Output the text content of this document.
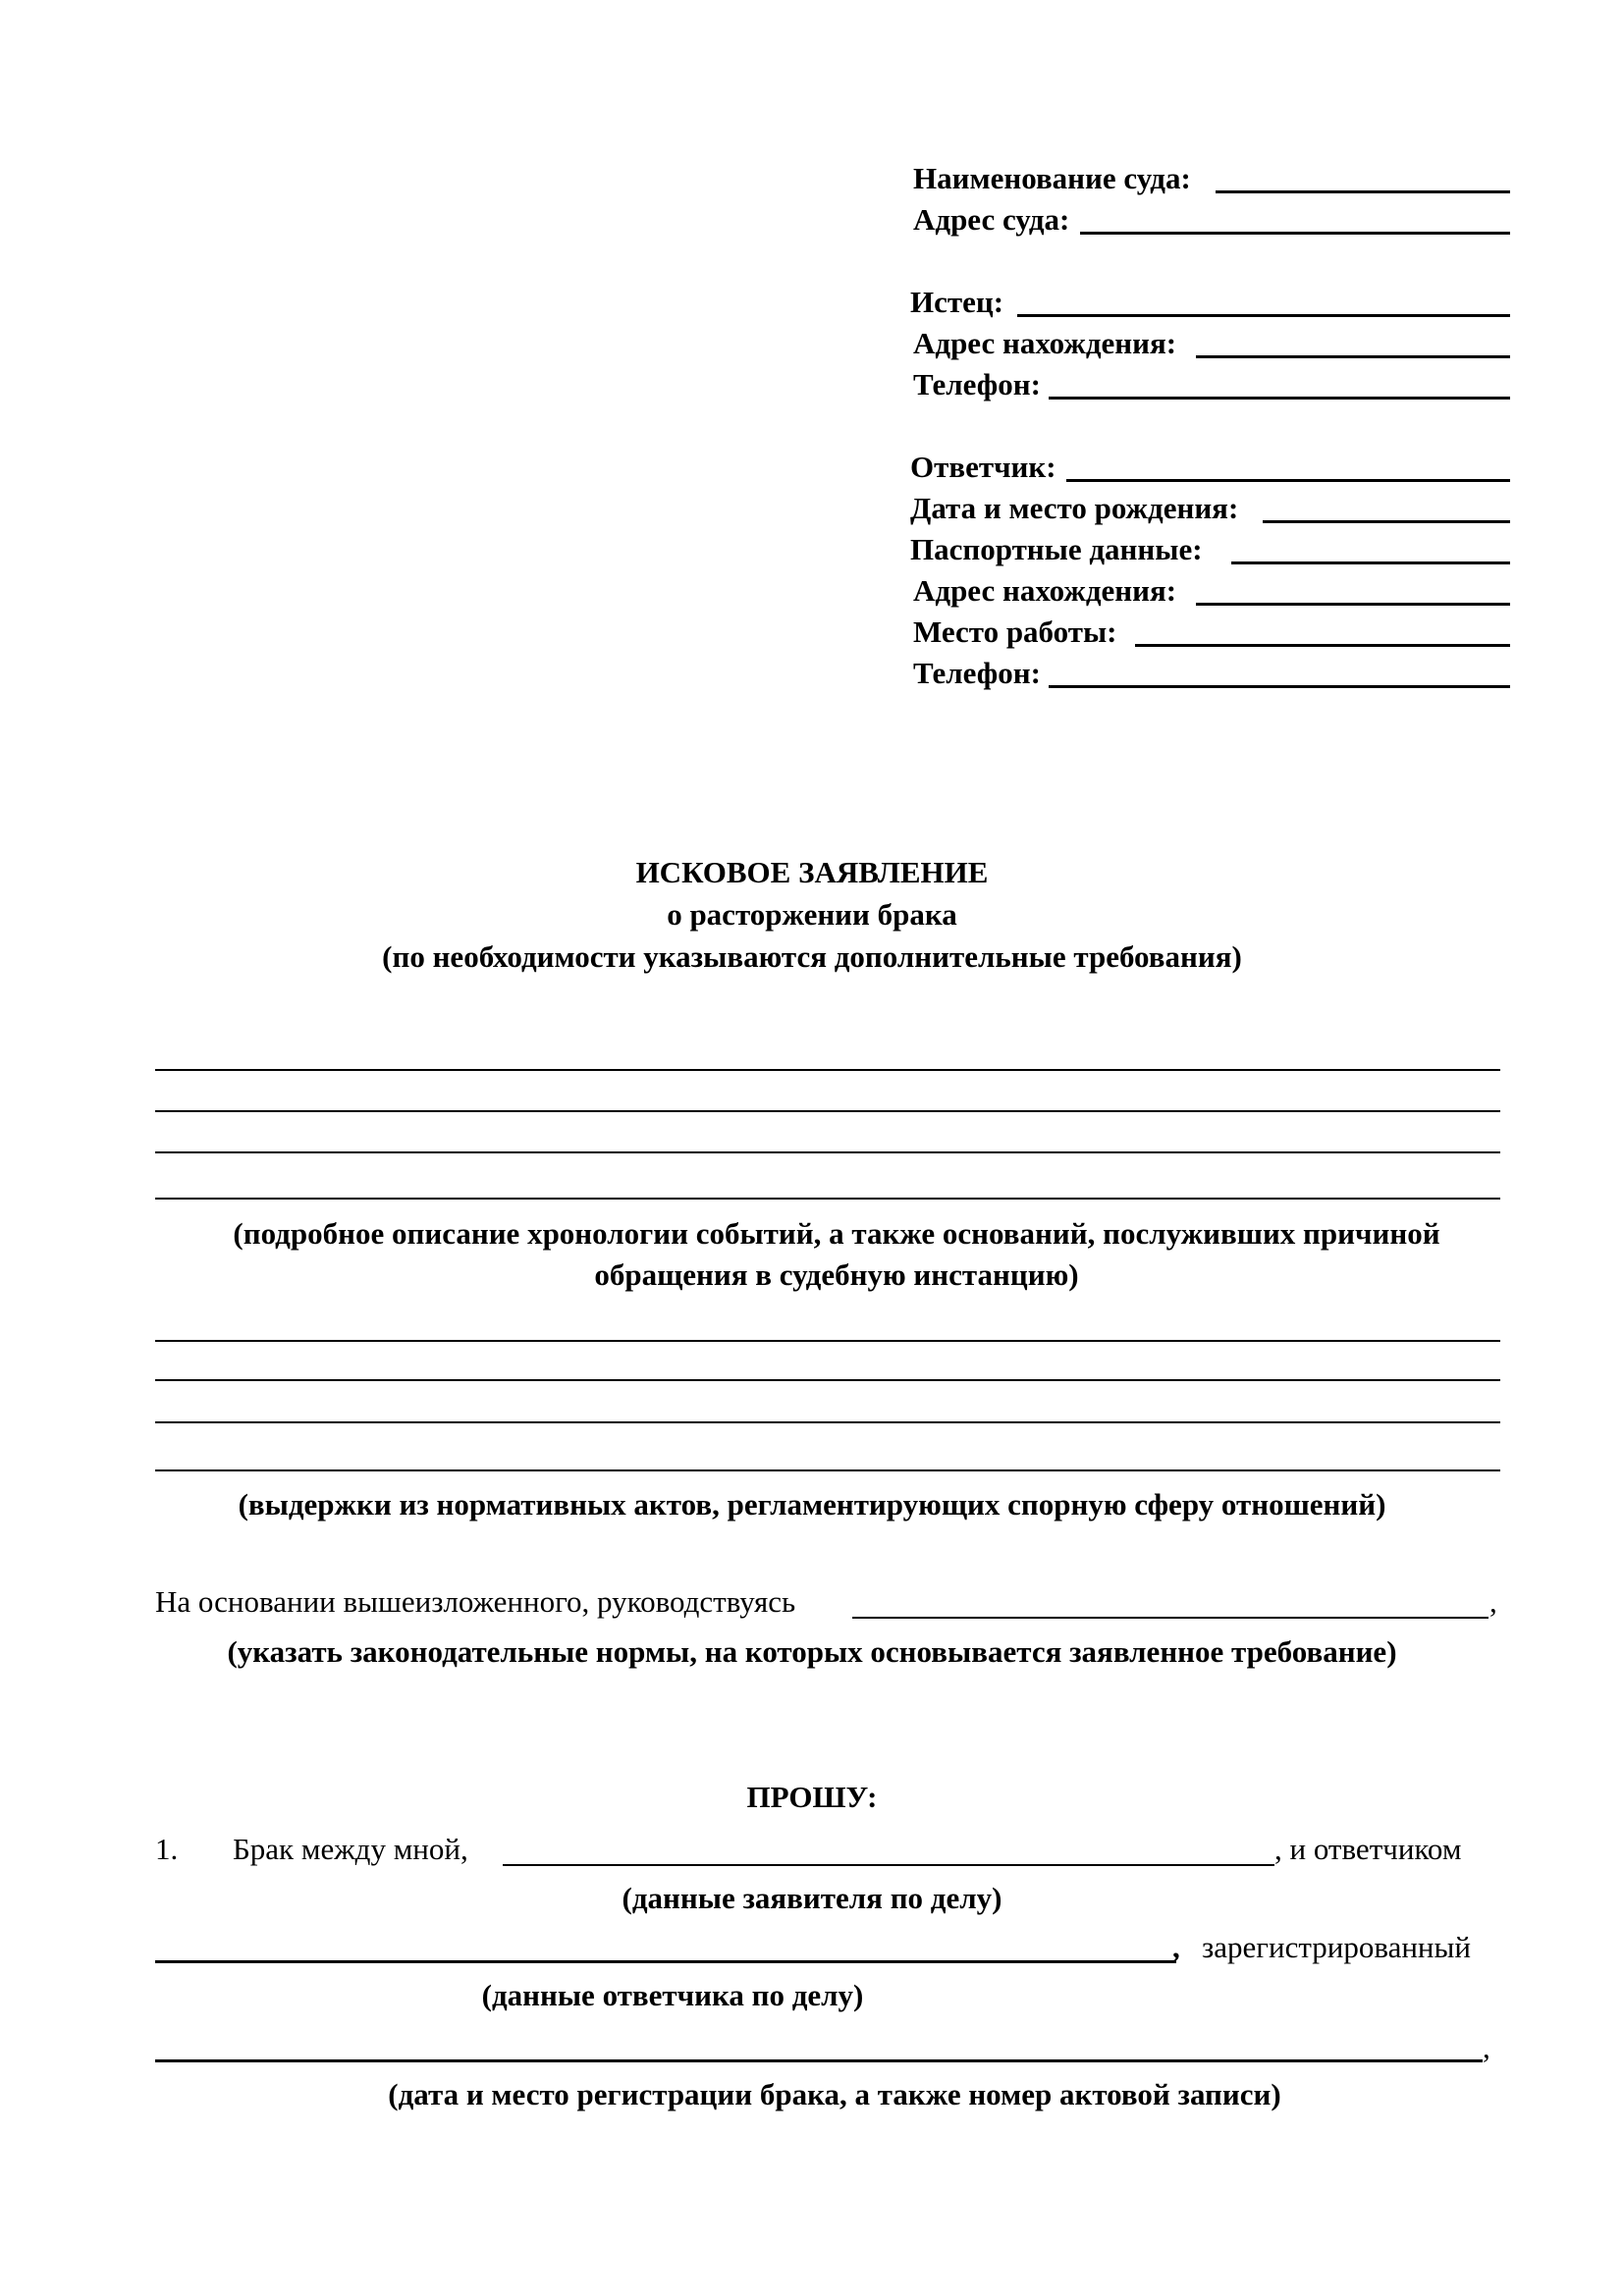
Наименование суда:
Адрес суда:
Истец:
Адрес нахождения:
Телефон:
Ответчик:
Дата и место рождения:
Паспортные данные:
Адрес нахождения:
Место работы:
Телефон:
ИСКОВОЕ ЗАЯВЛЕНИЕ
о расторжении брака
(по необходимости указываются дополнительные требования)
(подробное описание хронологии событий, а также оснований, послуживших причиной обращения в судебную инстанцию)
(выдержки из нормативных актов, регламентирующих спорную сферу отношений)
На основании вышеизложенного, руководствуясь	,
(указать законодательные нормы, на которых основывается заявленное требование)
ПРОШУ:
1. Брак между мной,	, и ответчиком
(данные заявителя по делу)
, зарегистрированный
(данные ответчика по делу)
,
(дата и место регистрации брака, а также номер актовой записи)
